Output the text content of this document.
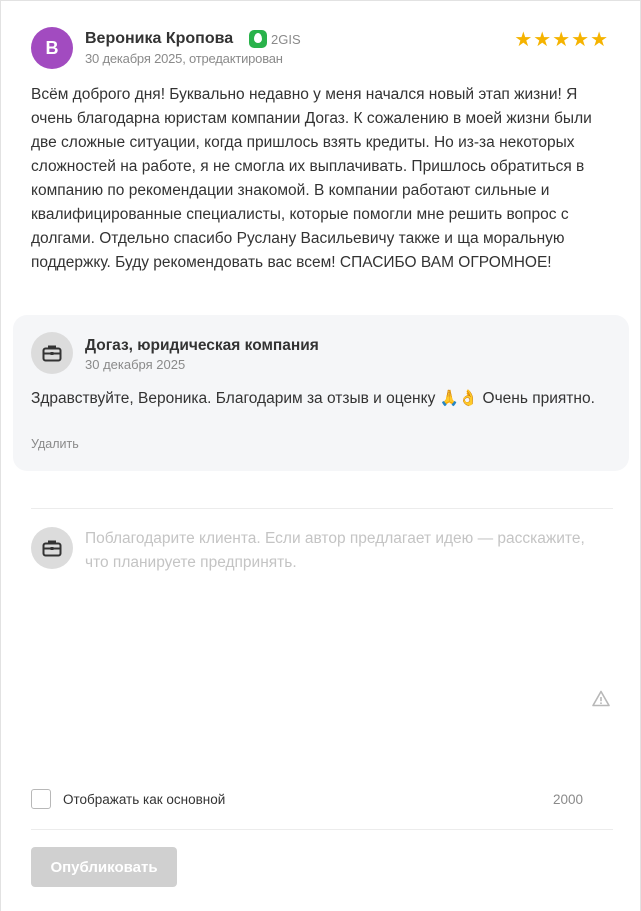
В	Вероника Кропова	2GIS
30 декабря 2025, отредактирован
★★★★★
Всём доброго дня! Буквально недавно у меня начался новый этап жизни! Я очень благодарна юристам компании Догаз. К сожалению в моей жизни были две сложные ситуации, когда пришлось взять кредиты. Но из-за некоторых сложностей на работе, я не смогла их выплачивать. Пришлось обратиться в компанию по рекомендации знакомой. В компании работают сильные и квалифицированные специалисты, которые помогли мне решить вопрос с долгами. Отдельно спасибо Руслану Васильевичу также и ща моральную поддержку. Буду рекомендовать вас всем! СПАСИБО ВАМ ОГРОМНОЕ!
Догаз, юридическая компания
30 декабря 2025
Здравствуйте, Вероника. Благодарим за отзыв и оценку 🙏👌 Очень приятно.
Удалить
Поблагодарите клиента. Если автор предлагает идею — расскажите, что планируете предпринять.
Отображать как основной	2000
Опубликовать
